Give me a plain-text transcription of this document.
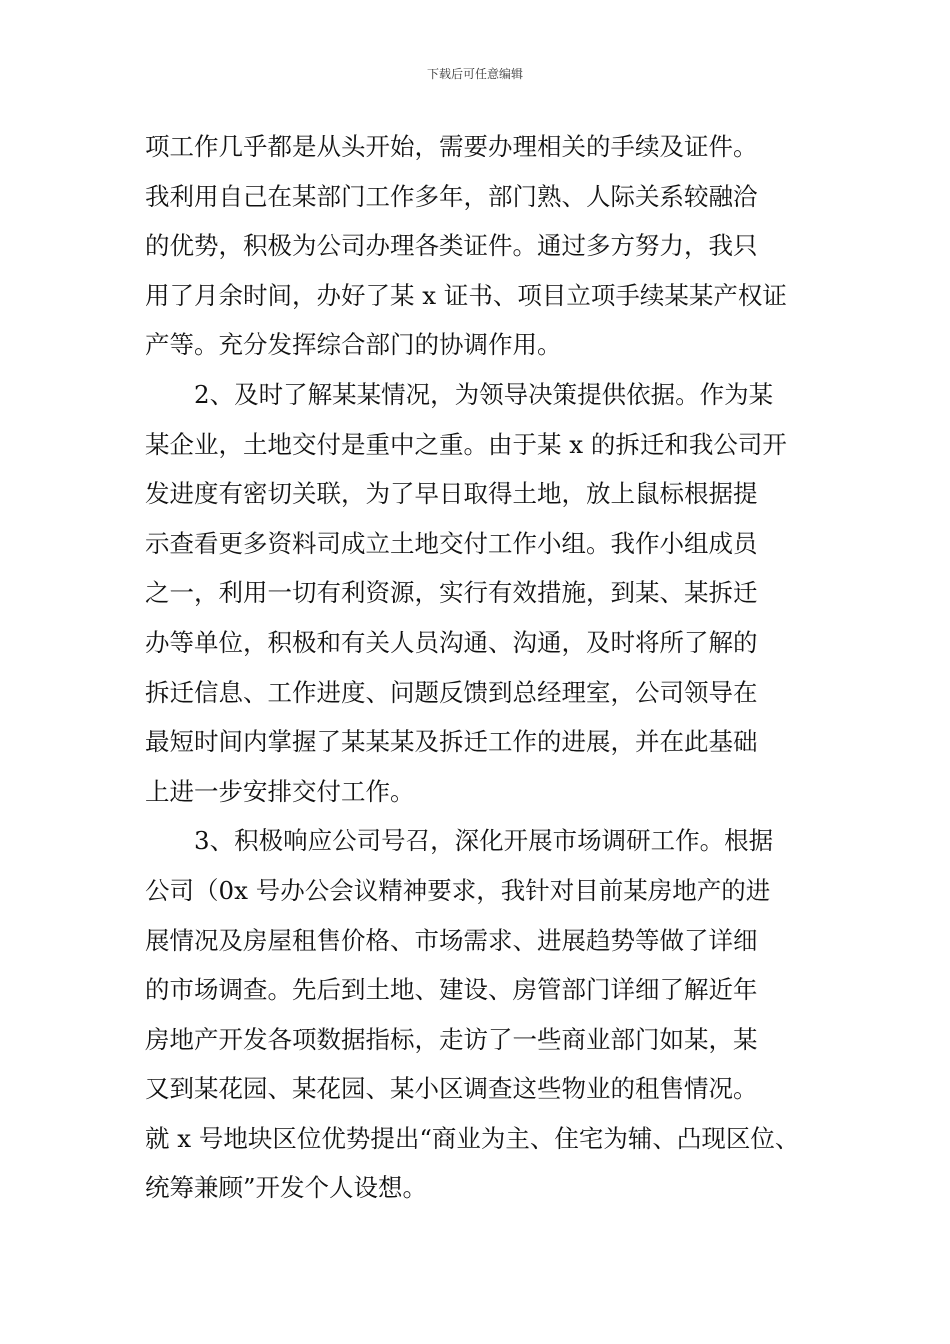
下载后可任意编辑
项工作几乎都是从头开始，需要办理相关的手续及证件。
我利用自己在某部门工作多年，部门熟、人际关系较融洽
的优势，积极为公司办理各类证件。通过多方努力，我只
用了月余时间，办好了某 x 证书、项目立项手续某某产权证
产等。充分发挥综合部门的协调作用。
2、及时了解某某情况，为领导决策提供依据。作为某
某企业，土地交付是重中之重。由于某 x 的拆迁和我公司开
发进度有密切关联，为了早日取得土地，放上鼠标根据提
示查看更多资料司成立土地交付工作小组。我作小组成员
之一，利用一切有利资源，实行有效措施，到某、某拆迁
办等单位，积极和有关人员沟通、沟通，及时将所了解的
拆迁信息、工作进度、问题反馈到总经理室，公司领导在
最短时间内掌握了某某某及拆迁工作的进展，并在此基础
上进一步安排交付工作。
3、积极响应公司号召，深化开展市场调研工作。根据
公司（0x 号办公会议精神要求，我针对目前某房地产的进
展情况及房屋租售价格、市场需求、进展趋势等做了详细
的市场调查。先后到土地、建设、房管部门详细了解近年
房地产开发各项数据指标，走访了一些商业部门如某，某
又到某花园、某花园、某小区调查这些物业的租售情况。
就 x 号地块区位优势提出“商业为主、住宅为辅、凸现区位、
统筹兼顾”开发个人设想。
